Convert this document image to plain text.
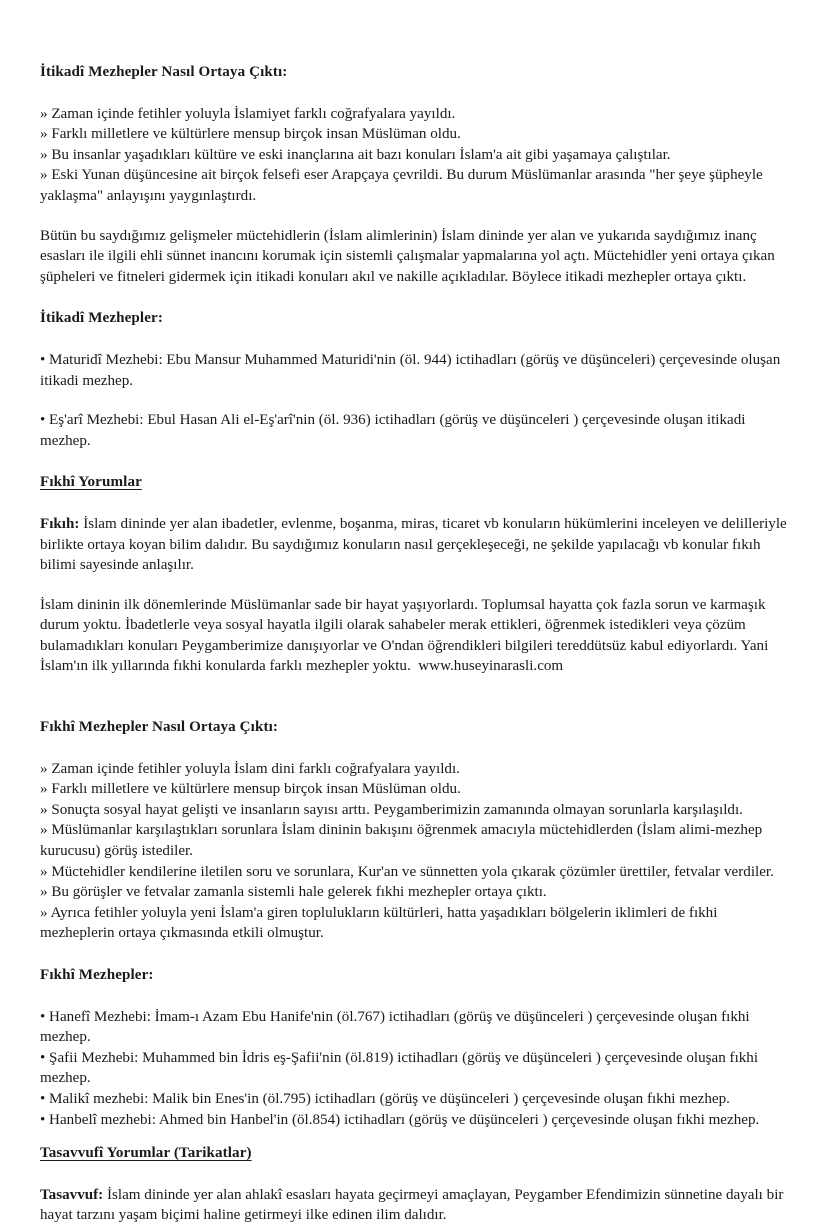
İtikadî Mezhepler Nasıl Ortaya Çıktı:
» Zaman içinde fetihler yoluyla İslamiyet farklı coğrafyalara yayıldı.
» Farklı milletlere ve kültürlere mensup birçok insan Müslüman oldu.
» Bu insanlar yaşadıkları kültüre ve eski inançlarına ait bazı konuları İslam'a ait gibi yaşamaya çalıştılar.
» Eski Yunan düşüncesine ait birçok felsefi eser Arapçaya çevrildi. Bu durum Müslümanlar arasında "her şeye şüpheyle yaklaşma" anlayışını yaygınlaştırdı.

Bütün bu saydığımız gelişmeler müctehidlerin (İslam alimlerinin) İslam dininde yer alan ve yukarıda saydığımız inanç esasları ile ilgili ehli sünnet inancını korumak için sistemli çalışmalar yapmalarına yol açtı. Müctehidler yeni ortaya çıkan şüpheleri ve fitneleri gidermek için itikadi konuları akıl ve nakille açıkladılar. Böylece itikadi mezhepler ortaya çıktı.

İtikadî Mezhepler:

• Maturidî Mezhebi: Ebu Mansur Muhammed Maturidi'nin (öl. 944) ictihadları (görüş ve düşünceleri) çerçevesinde oluşan itikadi mezhep.

• Eş'arî Mezhebi: Ebul Hasan Ali el-Eş'arî'nin (öl. 936) ictihadları (görüş ve düşünceleri ) çerçevesinde oluşan itikadi mezhep.

Fıkhî Yorumlar

Fıkıh: İslam dininde yer alan ibadetler, evlenme, boşanma, miras, ticaret vb konuların hükümlerini inceleyen ve delilleriyle birlikte ortaya koyan bilim dalıdır. Bu saydığımız konuların nasıl gerçekleşeceği, ne şekilde yapılacağı vb konular fıkıh bilimi sayesinde anlaşılır.

İslam dininin ilk dönemlerinde Müslümanlar sade bir hayat yaşıyorlardı. Toplumsal hayatta çok fazla sorun ve karmaşık durum yoktu. İbadetlerle veya sosyal hayatla ilgili olarak sahabeler merak ettikleri, öğrenmek istedikleri veya çözüm bulamadıkları konuları Peygamberimize danışıyorlar ve O'ndan öğrendikleri bilgileri tereddütsüz kabul ediyorlardı. Yani İslam'ın ilk yıllarında fıkhi konularda farklı mezhepler yoktu.  www.huseyinarasli.com

Fıkhî Mezhepler Nasıl Ortaya Çıktı:
» Zaman içinde fetihler yoluyla İslam dini farklı coğrafyalara yayıldı.
» Farklı milletlere ve kültürlere mensup birçok insan Müslüman oldu.
» Sonuçta sosyal hayat gelişti ve insanların sayısı arttı. Peygamberimizin zamanında olmayan sorunlarla karşılaşıldı.
» Müslümanlar karşılaştıkları sorunlara İslam dininin bakışını öğrenmek amacıyla müctehidlerden (İslam alimi-mezhep kurucusu) görüş istediler.
» Müctehidler kendilerine iletilen soru ve sorunlara, Kur'an ve sünnetten yola çıkarak çözümler ürettiler, fetvalar verdiler.
» Bu görüşler ve fetvalar zamanla sistemli hale gelerek fıkhi mezhepler ortaya çıktı.
» Ayrıca fetihler yoluyla yeni İslam'a giren toplulukların kültürleri, hatta yaşadıkları bölgelerin iklimleri de fıkhi mezheplerin ortaya çıkmasında etkili olmuştur.
Fıkhî Mezhepler:
• Hanefî Mezhebi: İmam-ı Azam Ebu Hanife'nin (öl.767) ictihadları (görüş ve düşünceleri ) çerçevesinde oluşan fıkhi mezhep.
• Şafii Mezhebi: Muhammed bin İdris eş-Şafii'nin (öl.819) ictihadları (görüş ve düşünceleri ) çerçevesinde oluşan fıkhi mezhep.
• Malikî mezhebi: Malik bin Enes'in (öl.795) ictihadları (görüş ve düşünceleri ) çerçevesinde oluşan fıkhi mezhep.
• Hanbelî mezhebi: Ahmed bin Hanbel'in (öl.854) ictihadları (görüş ve düşünceleri ) çerçevesinde oluşan fıkhi mezhep.
Tasavvufî Yorumlar (Tarikatlar)

Tasavvuf: İslam dininde yer alan ahlakî esasları hayata geçirmeyi amaçlayan, Peygamber Efendimizin sünnetine dayalı bir hayat tarzını yaşam biçimi haline getirmeyi ilke edinen ilim dalıdır.
